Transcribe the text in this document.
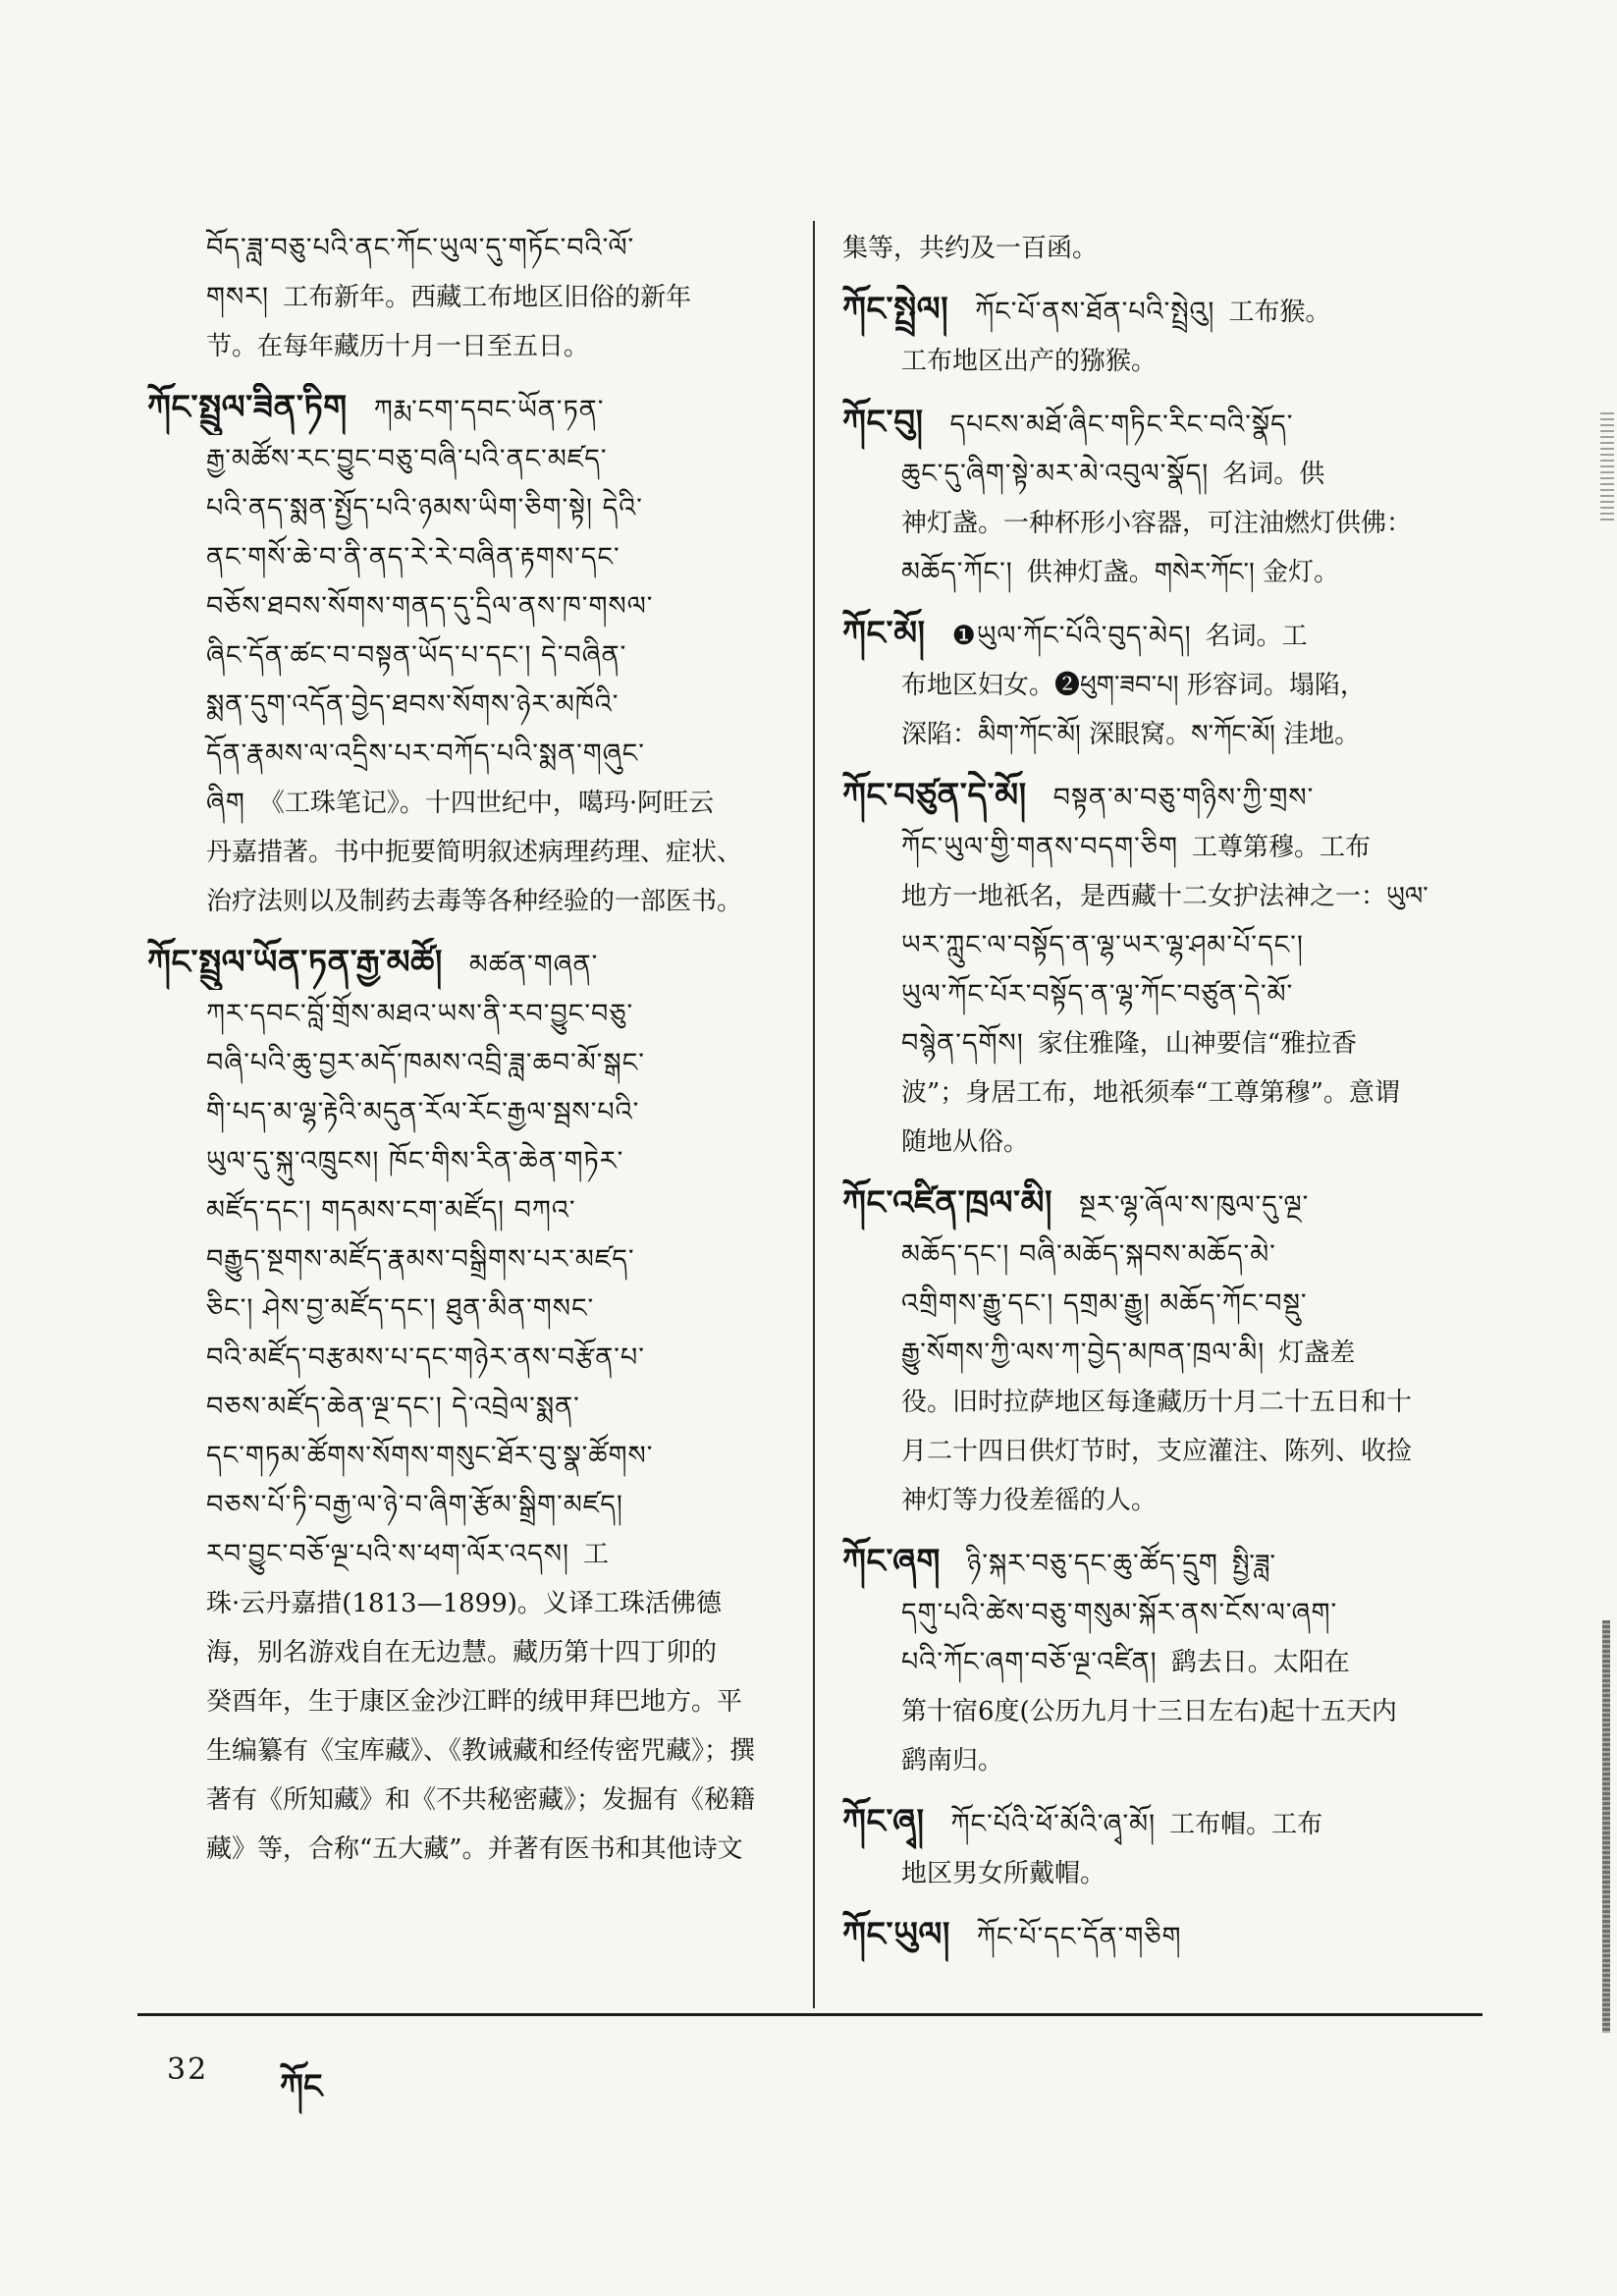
བོད་ཟླ་བཅུ་པའི་ནང་ཀོང་ཡུལ་དུ་གཏོང་བའི་ལོ་
གསར། 工布新年。西藏工布地区旧俗的新年
节。在每年藏历十月一日至五日。
ཀོང་སྤྲུལ་ཟིན་ཏིག  ཀརྨ་ངག་དབང་ཡོན་ཏན་
རྒྱ་མཚོས་རང་བྱུང་བཅུ་བཞི་པའི་ནང་མཛད་
པའི་ནད་སྨན་སྤྱོད་པའི་ཉམས་ཡིག་ཅིག་སྟེ། དེའི་
ནང་གསོ་ཆེ་བ་ནི་ནད་རེ་རེ་བཞིན་རྟགས་དང་
བཅོས་ཐབས་སོགས་གནད་དུ་དྲིལ་ནས་ཁ་གསལ་
ཞིང་དོན་ཚང་བ་བསྟན་ཡོད་པ་དང་། དེ་བཞིན་
སྨན་དུག་འདོན་བྱེད་ཐབས་སོགས་ཉེར་མཁོའི་
དོན་རྣམས་ལ་འདྲིས་པར་བཀོད་པའི་སྨན་གཞུང་
ཞིག 《工珠笔记》。十四世纪中，噶玛·阿旺云
丹嘉措著。书中扼要简明叙述病理药理、症状、
治疗法则以及制药去毒等各种经验的一部医书。
ཀོང་སྤྲུལ་ཡོན་ཏན་རྒྱ་མཚོ།  མཚན་གཞན་
ཀར་དབང་བློ་གྲོས་མཐའ་ཡས་ནི་རབ་བྱུང་བཅུ་
བཞི་པའི་ཆུ་བྱར་མདོ་ཁམས་འབྲི་ཟླ་ཆབ་མོ་སྒང་
གི་པད་མ་ལྷ་རྟེའི་མདུན་རོལ་རོང་རྒྱལ་སྦས་པའི་
ཡུལ་དུ་སྐུ་འཁྲུངས། ཁོང་གིས་རིན་ཆེན་གཏེར་
མཛོད་དང་། གདམས་ངག་མཛོད། བཀའ་
བརྒྱུད་སྔགས་མཛོད་རྣམས་བསྒྲིགས་པར་མཛད་
ཅིང་། ཤེས་བྱ་མཛོད་དང་། ཐུན་མིན་གསང་
བའི་མཛོད་བརྩམས་པ་དང་གཉེར་ནས་བརྩོན་པ་
བཅས་མཛོད་ཆེན་ལྔ་དང་། དེ་འབྲེལ་སྨན་
དང་གཏམ་ཚོགས་སོགས་གསུང་ཐོར་བུ་སྣ་ཚོགས་
བཅས་པོ་ཏི་བརྒྱ་ལ་ཉེ་བ་ཞིག་རྩོམ་སྒྲིག་མཛད།
རབ་བྱུང་བཅོ་ལྔ་པའི་ས་ཕག་ལོར་འདས། 工
珠·云丹嘉措(1813—1899)。义译工珠活佛德
海，别名游戏自在无边慧。藏历第十四丁卯的
癸酉年，生于康区金沙江畔的绒甲拜巴地方。平
生编纂有《宝库藏》、《教诫藏和经传密咒藏》；撰
著有《所知藏》和《不共秘密藏》；发掘有《秘籍
藏》等，合称“五大藏”。并著有医书和其他诗文
集等，共约及一百函。
ཀོང་སྤྲེལ།  ཀོང་པོ་ནས་ཐོན་པའི་སྤྲེའུ། 工布猴。
工布地区出产的猕猴。
ཀོང་བུ།  དཔངས་མཐོ་ཞིང་གཏིང་རིང་བའི་སྣོད་
ཆུང་དུ་ཞིག་སྟེ་མར་མེ་འབུལ་སྣོད། 名词。供
神灯盏。一种杯形小容器，可注油燃灯供佛：
མཆོད་ཀོང་། 供神灯盏。གསེར་ཀོང་། 金灯。
ཀོང་མོ།  ❶ཡུལ་ཀོང་པོའི་བུད་མེད། 名词。工
布地区妇女。❷ཕུག་ཟབ་པ། 形容词。塌陷，
深陷：མིག་ཀོང་མོ། 深眼窝。ས་ཀོང་མོ། 洼地。
ཀོང་བཙུན་དེ་མོ།  བསྟན་མ་བཅུ་གཉིས་ཀྱི་གྲས་
ཀོང་ཡུལ་གྱི་གནས་བདག་ཅིག 工尊第穆。工布
地方一地祇名，是西藏十二女护法神之一：ཡུལ་
ཡར་ཀླུང་ལ་བསྟོད་ན་ལྷ་ཡར་ལྷ་ཤམ་པོ་དང་།
ཡུལ་ཀོང་པོར་བསྟོད་ན་ལྷ་ཀོང་བཙུན་དེ་མོ་
བསྙེན་དགོས། 家住雅隆，山神要信“雅拉香
波”；身居工布，地祇须奉“工尊第穆”。意谓
随地从俗。
ཀོང་འཛིན་ཁྲལ་མི།  སྔར་ལྷ་ཞོལ་ས་ཁུལ་དུ་ལྔ་
མཆོད་དང་། བཞི་མཆོད་སྐབས་མཆོད་མེ་
འགྲིགས་རྒྱུ་དང་། དགྲམ་རྒྱུ། མཆོད་ཀོང་བསྡུ་
རྒྱུ་སོགས་ཀྱི་ལས་ཀ་བྱེད་མཁན་ཁྲལ་མི། 灯盏差
役。旧时拉萨地区每逢藏历十月二十五日和十
月二十四日供灯节时，支应灌注、陈列、收捡
神灯等力役差徭的人。
ཀོང་ཞག  ཉི་སྐར་བཅུ་དང་ཆུ་ཚོད་དྲུག སྤྱི་ཟླ་
དགུ་པའི་ཚེས་བཅུ་གསུམ་སྐོར་ནས་ངོས་ལ་ཞག་
པའི་ཀོང་ཞག་བཅོ་ལྔ་འཛིན། 鹞去日。太阳在
第十宿6度(公历九月十三日左右)起十五天内
鹞南归。
ཀོང་ཞྭ།  ཀོང་པོའི་ཕོ་མོའི་ཞྭ་མོ། 工布帽。工布
地区男女所戴帽。
ཀོང་ཡུལ།  ཀོང་པོ་དང་དོན་གཅིག
32 ཀོང
